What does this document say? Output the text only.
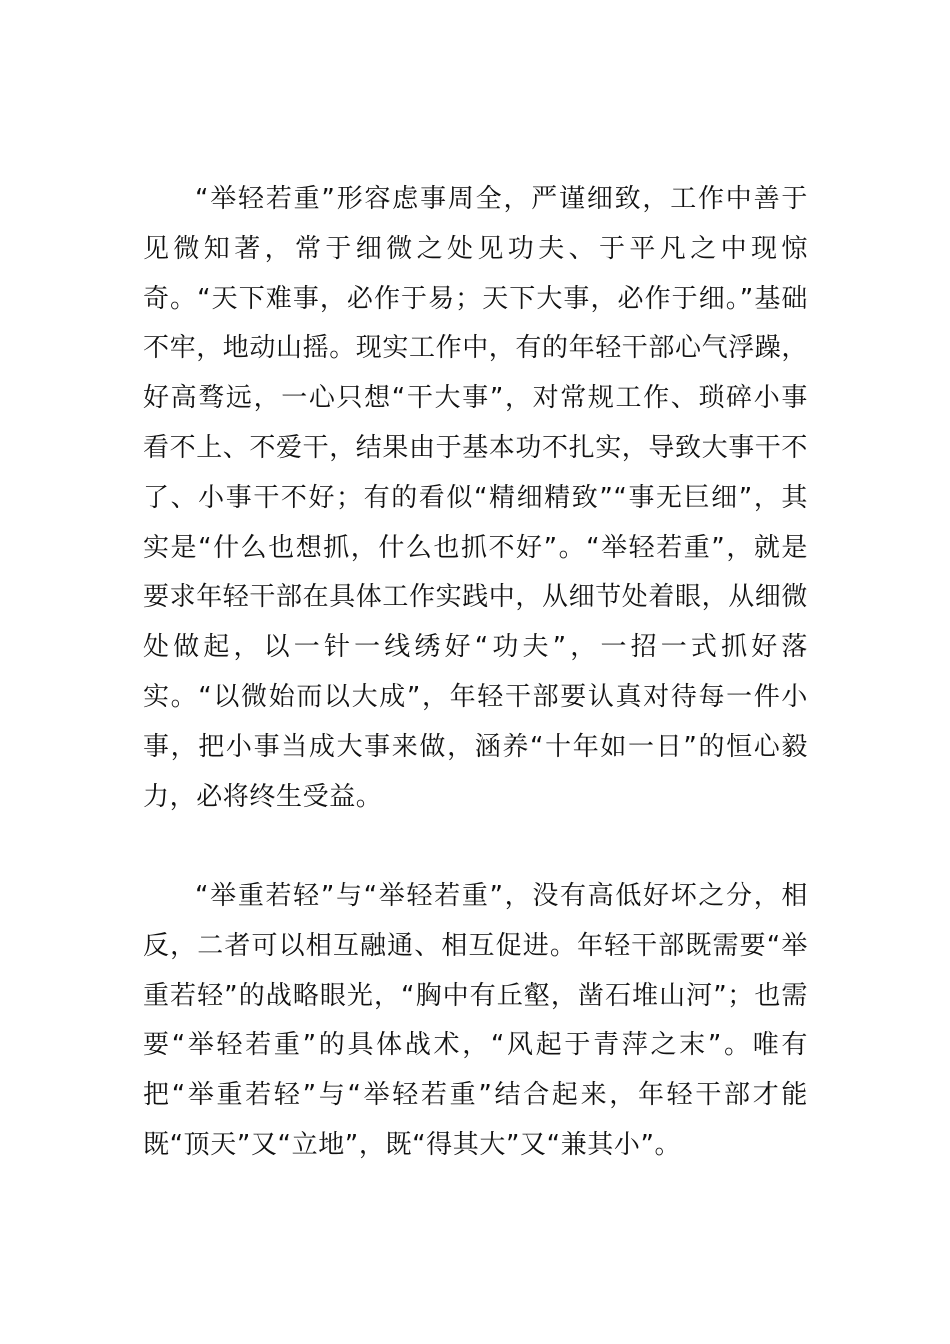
“举轻若重”形容虑事周全，严谨细致，工作中善于见微知著，常于细微之处见功夫、于平凡之中现惊奇。“天下难事，必作于易；天下大事，必作于细。”基础不牢，地动山摇。现实工作中，有的年轻干部心气浮躁，好高骛远，一心只想“干大事”，对常规工作、琐碎小事看不上、不爱干，结果由于基本功不扎实，导致大事干不了、小事干不好；有的看似“精细精致”“事无巨细”，其实是“什么也想抓，什么也抓不好”。“举轻若重”，就是要求年轻干部在具体工作实践中，从细节处着眼，从细微处做起，以一针一线绣好“功夫”，一招一式抓好落实。“以微始而以大成”，年轻干部要认真对待每一件小事，把小事当成大事来做，涵养“十年如一日”的恒心毅力，必将终生受益。

“举重若轻”与“举轻若重”，没有高低好坏之分，相反，二者可以相互融通、相互促进。年轻干部既需要“举重若轻”的战略眼光，“胸中有丘壑，凿石堆山河”；也需要“举轻若重”的具体战术，“风起于青萍之末”。唯有把“举重若轻”与“举轻若重”结合起来，年轻干部才能既“顶天”又“立地”，既“得其大”又“兼其小”。
